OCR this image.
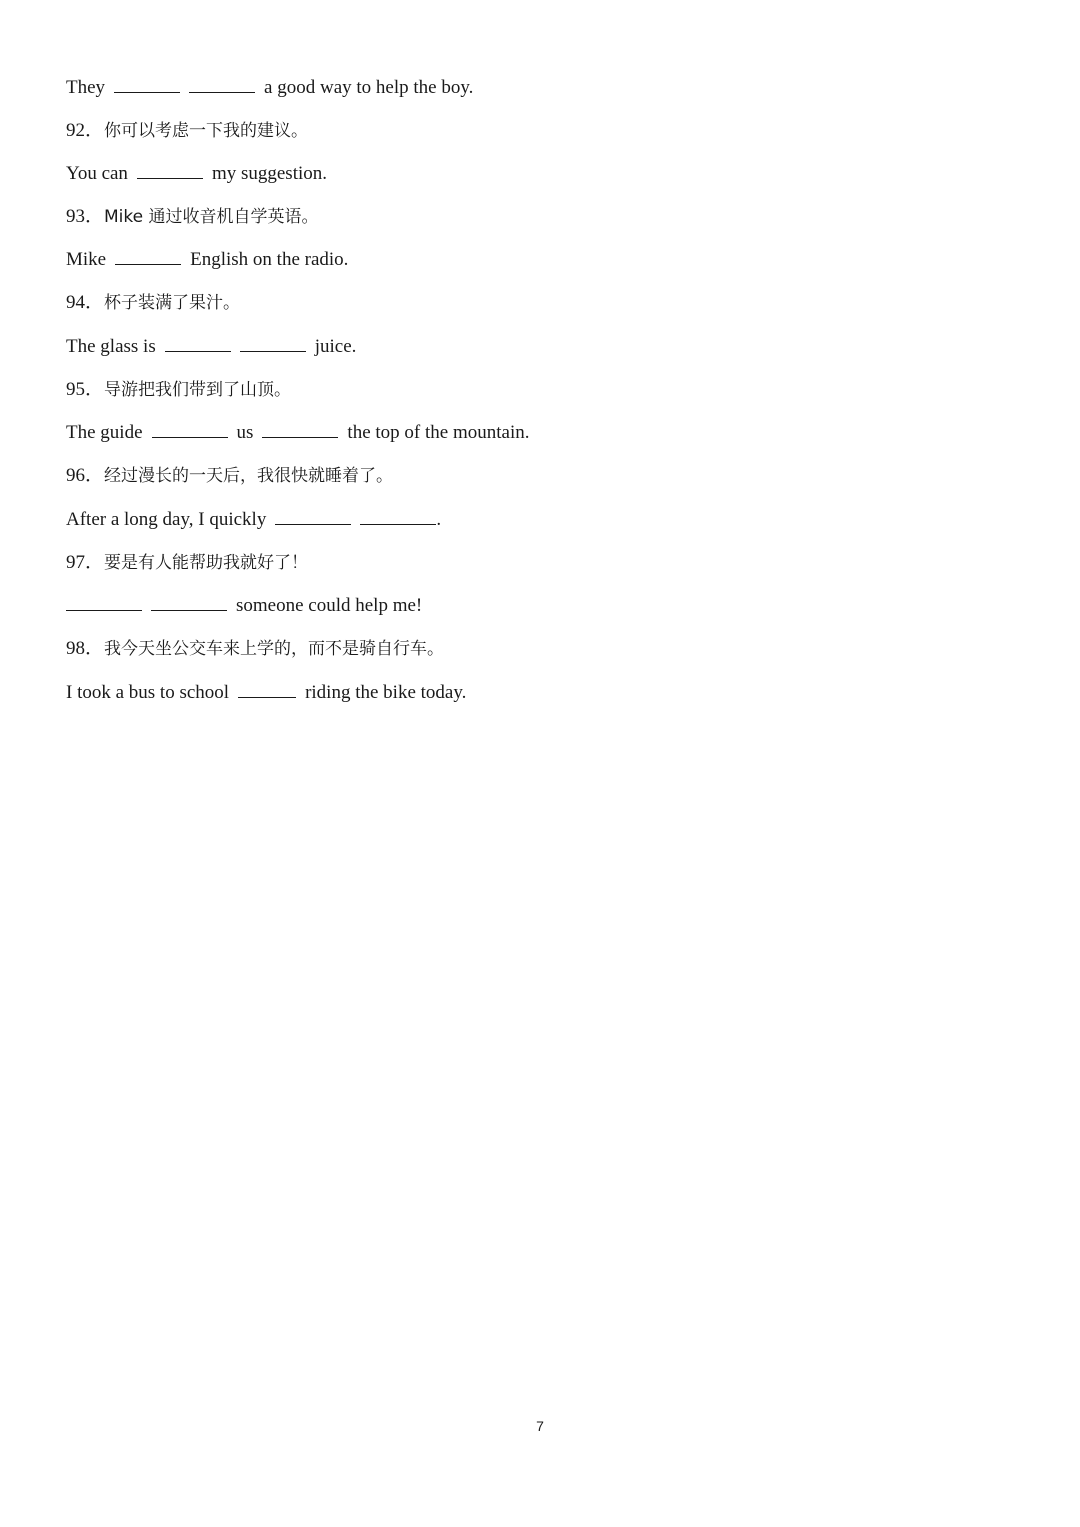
They	a good way to help the boy.
92．你可以考虑一下我的建议。
You can	my suggestion.
93．Mike 通过收音机自学英语。
Mike	English on the radio.
94．杯子装满了果汁。
The glass is	juice.
95．导游把我们带到了山顶。
The guide	us	the top of the mountain.
96．经过漫长的一天后，我很快就睡着了。
After a long day, I quickly	.
97．要是有人能帮助我就好了！
someone could help me!
98．我今天坐公交车来上学的，而不是骑自行车。
I took a bus to school	riding the bike today.
7
